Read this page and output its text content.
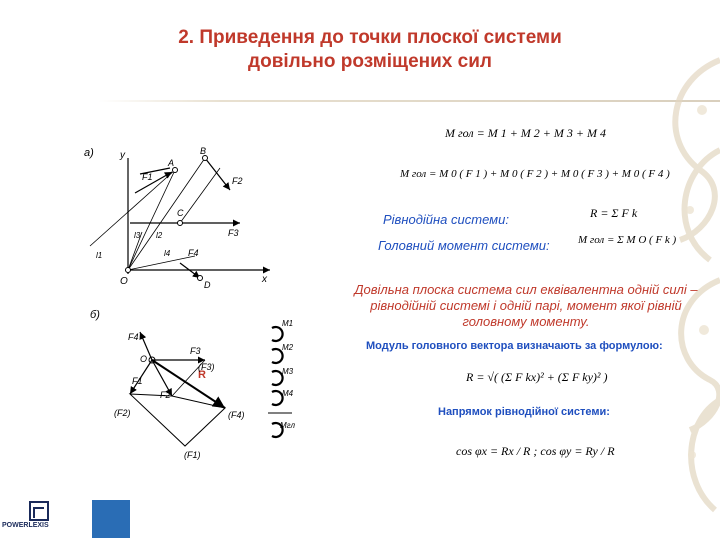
2. Приведення до точки плоскої системи
довільно розміщених сил
а)	y
x
O
A
B
C
D
F1	F2
F3
F4
l1
l2
l3
l4
б)
F4
F3
F1
F2
O
R
(F1)
(F2)
(F3)
(F4)
M1
M2
M3
M4
Mгл
M гол = M 1 + M 2 + M 3 + M 4
M гол = M 0 ( F 1 ) + M 0 ( F 2 ) + M 0 ( F 3 ) + M 0 ( F 4 )
Рівнодійна системи:	R = Σ F k
Головний момент системи:	M гол = Σ M O ( F k )
Довільна плоска система сил еквівалентна одній силі – рівнодійній системі і одній парі, момент якої рівній головному моменту.
Модуль головного вектора визначають за формулою:
R = √( (Σ F kx)² + (Σ F ky)² )
Напрямок рівнодійної системи:
cos φx = Rx / R ; cos φy = Ry / R
POWERLEXIS
